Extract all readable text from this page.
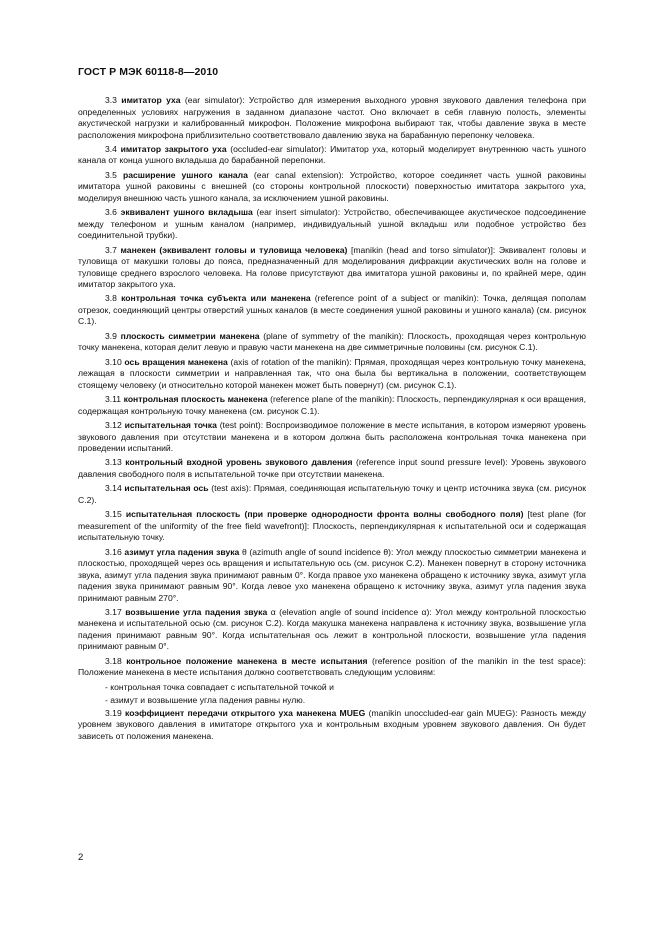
ГОСТ Р МЭК 60118-8—2010

3.3 имитатор уха (ear simulator): Устройство для измерения выходного уровня звукового давления телефона при определенных условиях нагружения в заданном диапазоне частот. Оно включает в себя главную полость, элементы акустической нагрузки и калиброванный микрофон. Положение микрофона выбирают так, чтобы давление звука в месте расположения микрофона приблизительно соответствовало давлению звука на барабанную перепонку человека.

3.4 имитатор закрытого уха (occluded-ear simulator): Имитатор уха, который моделирует внутреннюю часть ушного канала от конца ушного вкладыша до барабанной перепонки.

3.5 расширение ушного канала (ear canal extension): Устройство, которое соединяет часть ушной раковины имитатора ушной раковины с внешней (со стороны контрольной плоскости) поверхностью имитатора закрытого уха, моделируя внешнюю часть ушного канала, за исключением ушной раковины.

3.6 эквивалент ушного вкладыша (ear insert simulator): Устройство, обеспечивающее акустическое подсоединение между телефоном и ушным каналом (например, индивидуальный ушной вкладыш или подобное устройство без соединительной трубки).

3.7 манекен (эквивалент головы и туловища человека) [manikin (head and torso simulator)]: Эквивалент головы и туловища от макушки головы до пояса, предназначенный для моделирования дифракции акустических волн на голове и туловище среднего взрослого человека. На голове присутствуют два имитатора ушной раковины и, по крайней мере, один имитатор закрытого уха.

3.8 контрольная точка субъекта или манекена (reference point of a subject or manikin): Точка, делящая пополам отрезок, соединяющий центры отверстий ушных каналов (в месте соединения ушной раковины и ушного канала) (см. рисунок С.1).

3.9 плоскость симметрии манекена (plane of symmetry of the manikin): Плоскость, проходящая через контрольную точку манекена, которая делит левую и правую части манекена на две симметричные половины (см. рисунок С.1).

3.10 ось вращения манекена (axis of rotation of the manikin): Прямая, проходящая через контрольную точку манекена, лежащая в плоскости симметрии и направленная так, что она была бы вертикальна в положении, соответствующем стоящему человеку (и относительно которой манекен может быть повернут) (см. рисунок С.1).

3.11 контрольная плоскость манекена (reference plane of the manikin): Плоскость, перпендикулярная к оси вращения, содержащая контрольную точку манекена (см. рисунок С.1).

3.12 испытательная точка (test point): Воспроизводимое положение в месте испытания, в котором измеряют уровень звукового давления при отсутствии манекена и в котором должна быть расположена контрольная точка манекена при проведении испытаний.

3.13 контрольный входной уровень звукового давления (reference input sound pressure level): Уровень звукового давления свободного поля в испытательной точке при отсутствии манекена.

3.14 испытательная ось (test axis): Прямая, соединяющая испытательную точку и центр источника звука (см. рисунок С.2).

3.15 испытательная плоскость (при проверке однородности фронта волны свободного поля) [test plane (for measurement of the uniformity of the free field wavefront)]: Плоскость, перпендикулярная к испытательной оси и содержащая испытательную точку.

3.16 азимут угла падения звука θ (azimuth angle of sound incidence θ): Угол между плоскостью симметрии манекена и плоскостью, проходящей через ось вращения и испытательную ось (см. рисунок С.2). Манекен повернут в сторону источника звука, азимут угла падения звука принимают равным 0°. Когда правое ухо манекена обращено к источнику звука, азимут угла падения звука принимают равным 90°. Когда левое ухо манекена обращено к источнику звука, азимут угла падения звука принимают равным 270°.

3.17 возвышение угла падения звука α (elevation angle of sound incidence α): Угол между контрольной плоскостью манекена и испытательной осью (см. рисунок С.2). Когда макушка манекена направлена к источнику звука, возвышение угла падения принимают равным 90°. Когда испытательная ось лежит в контрольной плоскости, возвышение угла падения принимают равным 0°.

3.18 контрольное положение манекена в месте испытания (reference position of the manikin in the test space): Положение манекена в месте испытания должно соответствовать следующим условиям:

- контрольная точка совпадает с испытательной точкой и

- азимут и возвышение угла падения равны нулю.

3.19 коэффициент передачи открытого уха манекена MUEG (manikin unoccluded-ear gain MUEG): Разность между уровнем звукового давления в имитаторе открытого уха и контрольным входным уровнем звукового давления. Он будет зависеть от положения манекена.

2
